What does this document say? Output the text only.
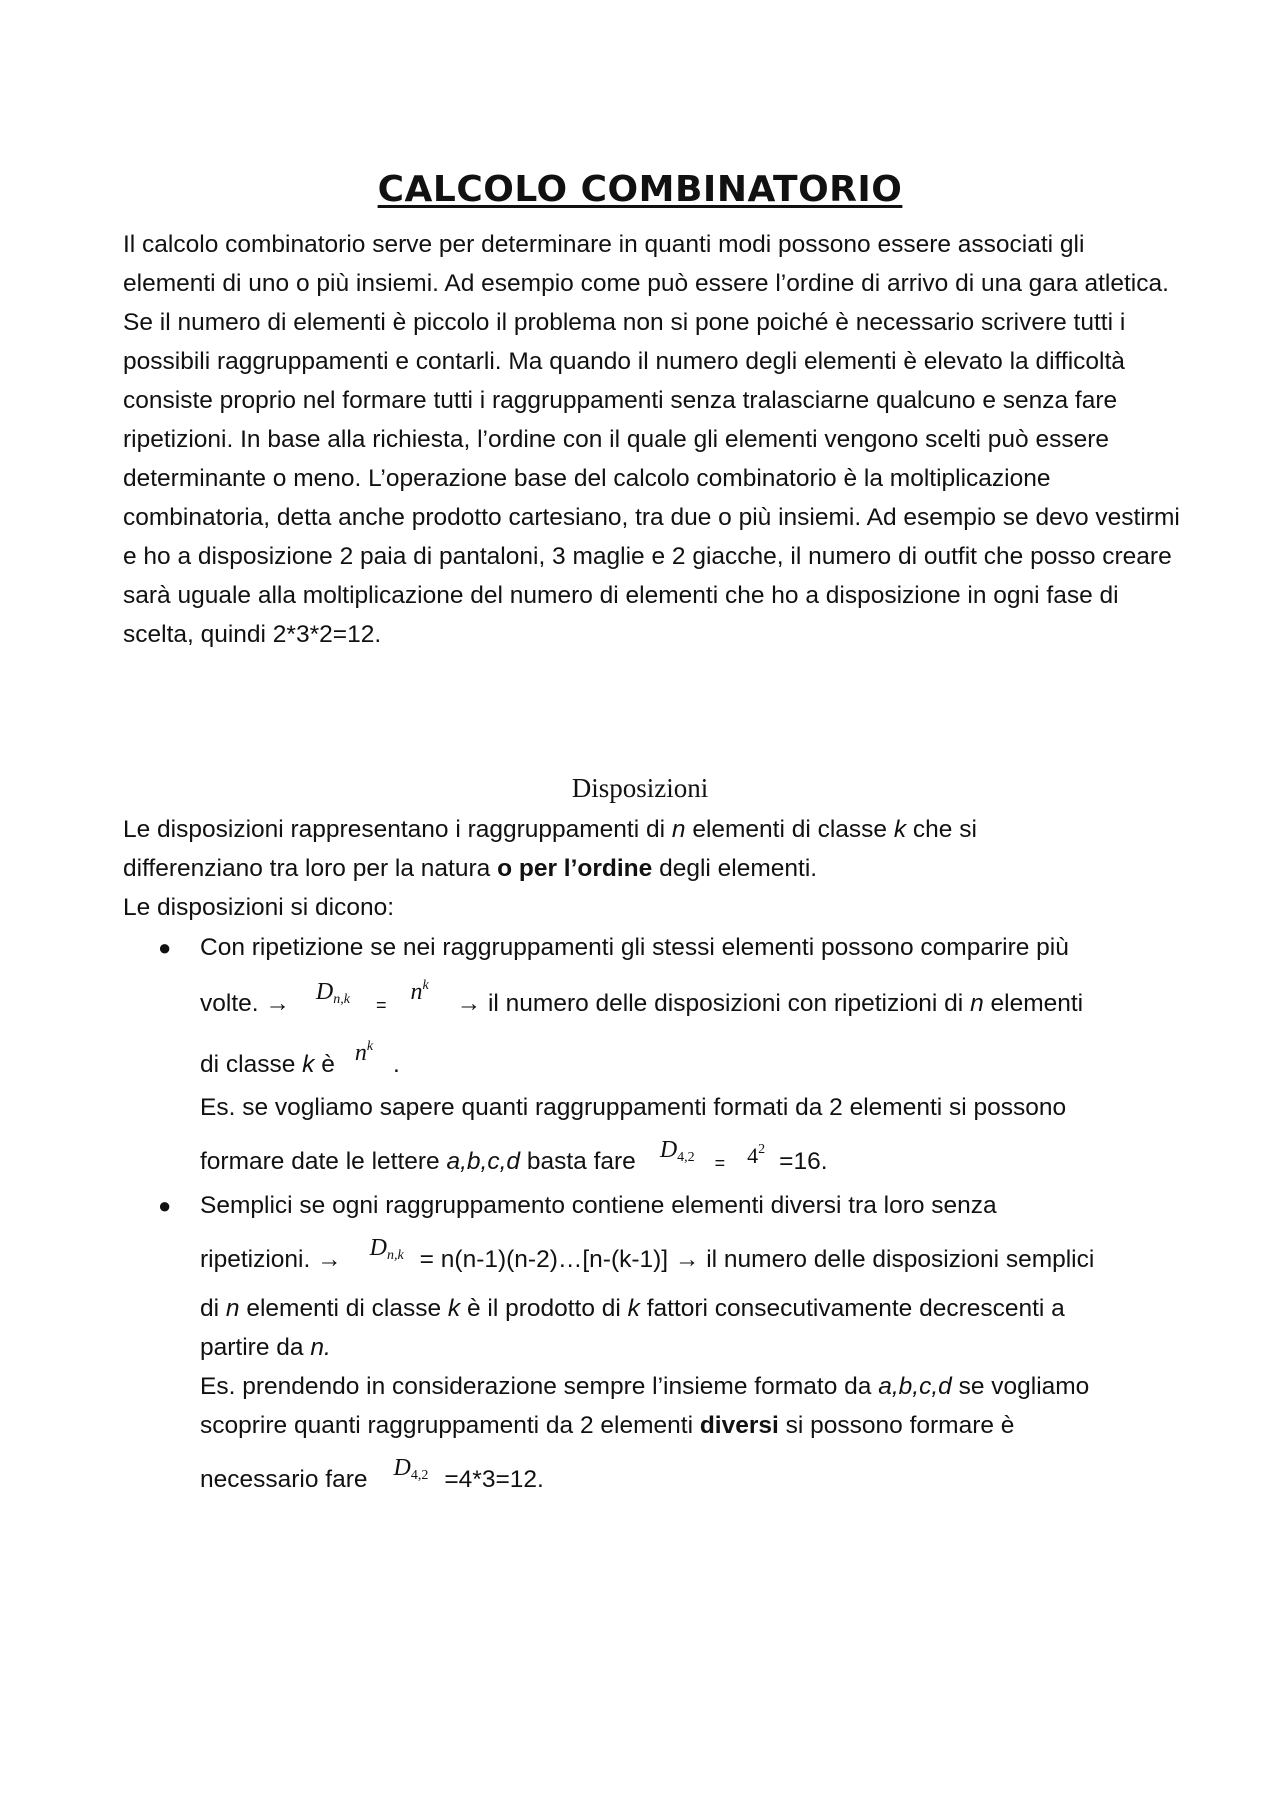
CALCOLO COMBINATORIO
Il calcolo combinatorio serve per determinare in quanti modi possono essere associati gli elementi di uno o più insiemi. Ad esempio come può essere l’ordine di arrivo di una gara atletica. Se il numero di elementi è piccolo il problema non si pone poiché è necessario scrivere tutti i possibili raggruppamenti e contarli. Ma quando il numero degli elementi è elevato la difficoltà consiste proprio nel formare tutti i raggruppamenti senza tralasciarne qualcuno e senza fare ripetizioni. In base alla richiesta, l’ordine con il quale gli elementi vengono scelti può essere determinante o meno. L’operazione base del calcolo combinatorio è la moltiplicazione combinatoria, detta anche prodotto cartesiano, tra due o più insiemi. Ad esempio se devo vestirmi e ho a disposizione 2 paia di pantaloni, 3 maglie e 2 giacche, il numero di outfit che posso creare sarà uguale alla moltiplicazione del numero di elementi che ho a disposizione in ogni fase di scelta, quindi 2*3*2=12.
Disposizioni
Le disposizioni rappresentano i raggruppamenti di n elementi di classe k che si
differenziano tra loro per la natura o per l’ordine degli elementi.
Le disposizioni si dicono:
● Con ripetizione se nei raggruppamenti gli stessi elementi possono comparire più
volte. → $D^{n,k} = n^k\to$ il numero delle disposizioni con ripetizioni di n elementi
di classe k è $n^k$.
Es. se vogliamo sapere quanti raggruppamenti formati da 2 elementi si possono
formare date le lettere a,b,c,d basta fare $D^{4,2} = 4^2 =16$.
● Semplici se ogni raggruppamento contiene elementi diversi tra loro senza
ripetizioni. → D$^{n,k}$ = n(n-1)(n-2)…[n-(k-1)] → il numero delle disposizioni semplici
di n elementi di classe k è il prodotto di k fattori consecutivamente decrescenti a
partire da n.
Es. prendendo in considerazione sempre l’insieme formato da a,b,c,d se vogliamo
scoprire quanti raggruppamenti da 2 elementi diversi si possono formare è
necessario fare D$^{4,2}$ =4*3=12.
